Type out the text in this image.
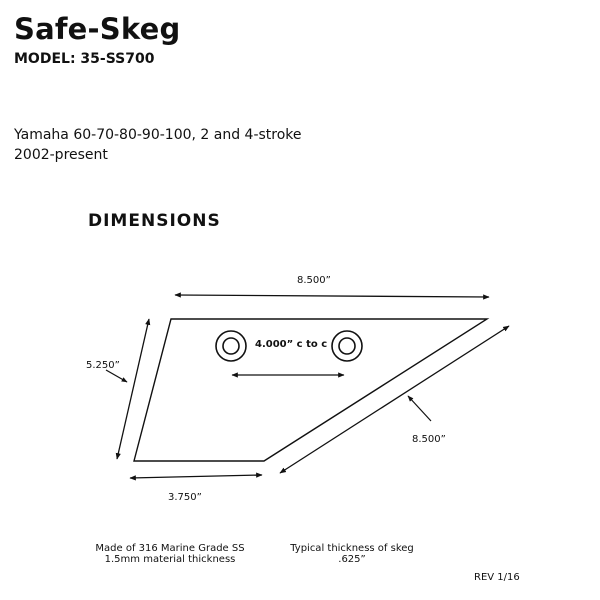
Safe-Skeg
MODEL: 35-SS700
Yamaha 60-70-80-90-100, 2 and 4-stroke
2002-present
DIMENSIONS
8.500”
5.250”
4.000” c to c
8.500”
3.750”
Made of 316 Marine Grade SS
1.5mm material thickness
Typical thickness of skeg
.625”
REV 1/16
